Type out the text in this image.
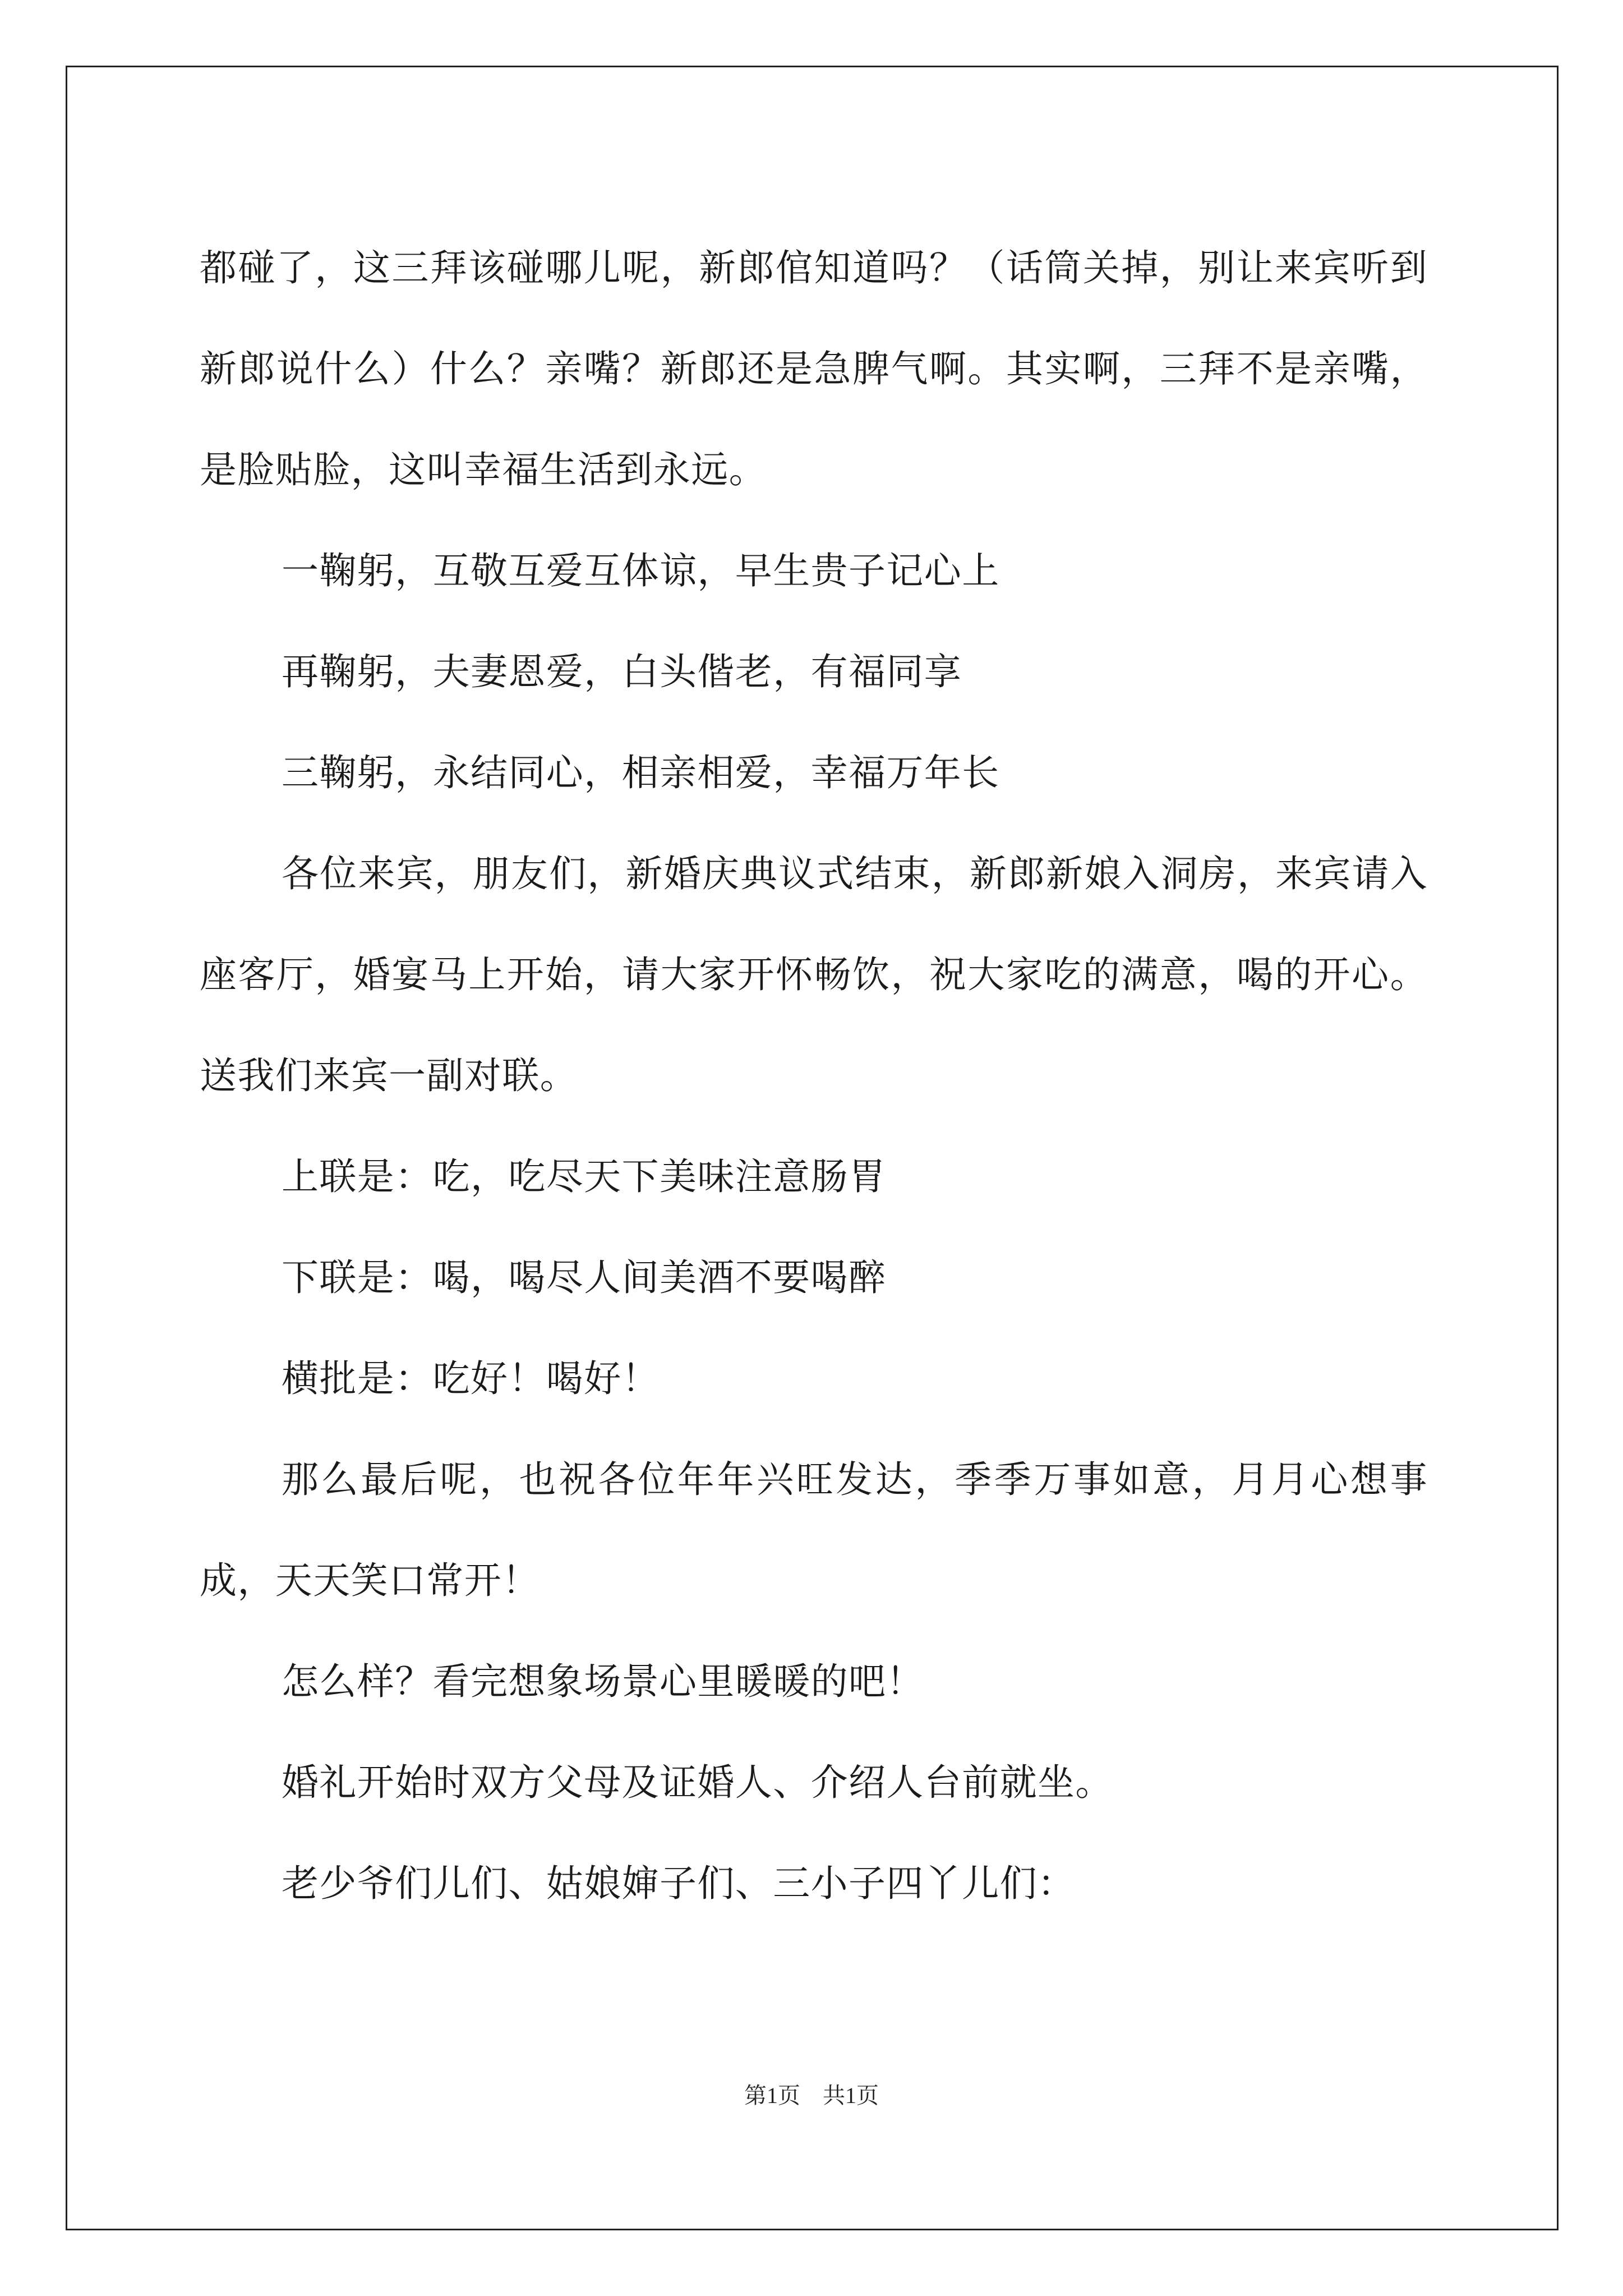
都碰了，这三拜该碰哪儿呢，新郎倌知道吗？（话筒关掉，别让来宾听到新郎说什么）什么？亲嘴？新郎还是急脾气啊。其实啊，三拜不是亲嘴，是脸贴脸，这叫幸福生活到永远。

一鞠躬，互敬互爱互体谅，早生贵子记心上

再鞠躬，夫妻恩爱，白头偕老，有福同享

三鞠躬，永结同心，相亲相爱，幸福万年长

各位来宾，朋友们，新婚庆典议式结束，新郎新娘入洞房，来宾请入座客厅，婚宴马上开始，请大家开怀畅饮，祝大家吃的满意，喝的开心。送我们来宾一副对联。

上联是：吃，吃尽天下美味注意肠胃

下联是：喝，喝尽人间美酒不要喝醉

横批是：吃好！喝好！

那么最后呢，也祝各位年年兴旺发达，季季万事如意，月月心想事成，天天笑口常开！

怎么样？看完想象场景心里暖暖的吧！

婚礼开始时双方父母及证婚人、介绍人台前就坐。

老少爷们儿们、姑娘婶子们、三小子四丫儿们：

第1页　共1页
